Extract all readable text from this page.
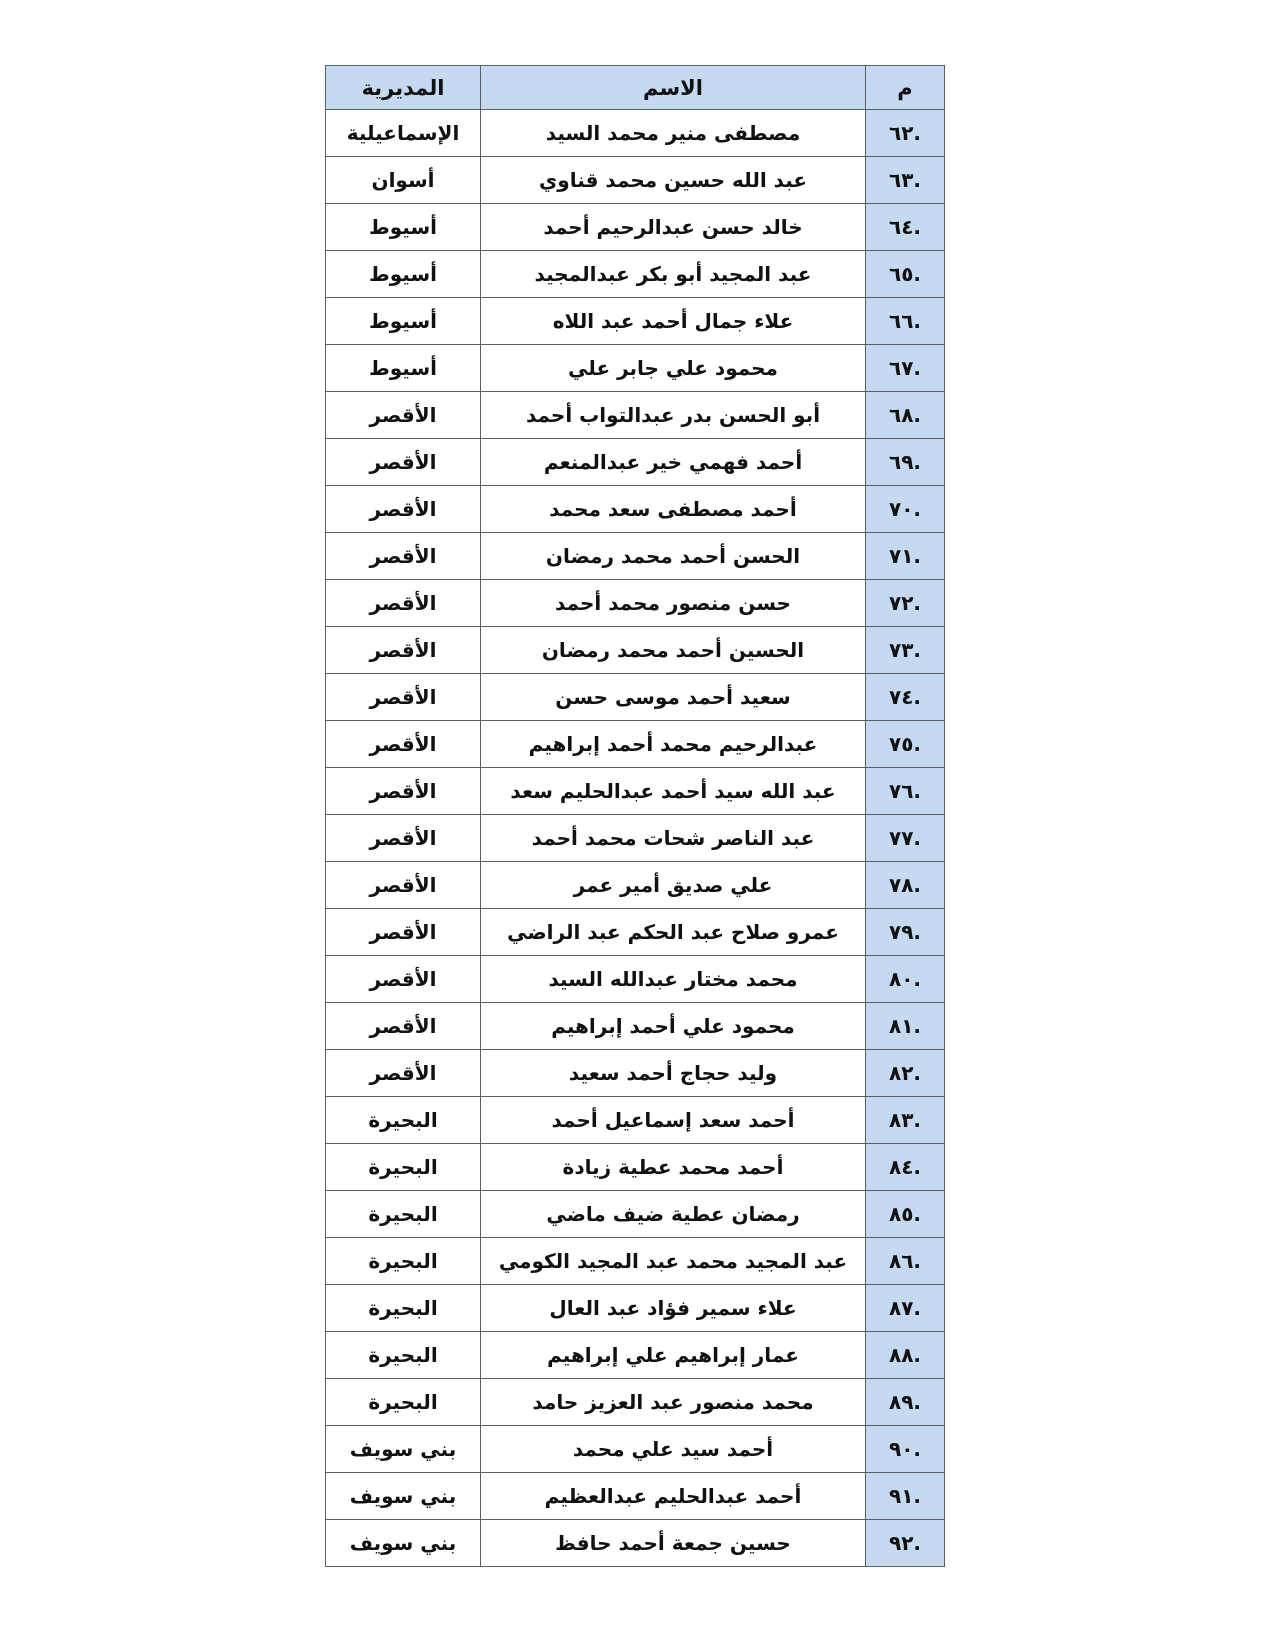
م	الاسم	المديرية
.٦٢	مصطفى منير محمد السيد	الإسماعيلية
.٦٣	عبد الله حسين محمد قناوي	أسوان
.٦٤	خالد حسن عبدالرحيم أحمد	أسيوط
.٦٥	عبد المجيد أبو بكر عبدالمجيد	أسيوط
.٦٦	علاء جمال أحمد عبد اللاه	أسيوط
.٦٧	محمود علي جابر علي	أسيوط
.٦٨	أبو الحسن بدر عبدالتواب أحمد	الأقصر
.٦٩	أحمد فهمي خير عبدالمنعم	الأقصر
.٧٠	أحمد مصطفى سعد محمد	الأقصر
.٧١	الحسن أحمد محمد رمضان	الأقصر
.٧٢	حسن منصور محمد أحمد	الأقصر
.٧٣	الحسين أحمد محمد رمضان	الأقصر
.٧٤	سعيد أحمد موسى حسن	الأقصر
.٧٥	عبدالرحيم محمد أحمد إبراهيم	الأقصر
.٧٦	عبد الله سيد أحمد عبدالحليم سعد	الأقصر
.٧٧	عبد الناصر شحات محمد أحمد	الأقصر
.٧٨	علي صديق أمير عمر	الأقصر
.٧٩	عمرو صلاح عبد الحكم عبد الراضي	الأقصر
.٨٠	محمد مختار عبدالله السيد	الأقصر
.٨١	محمود علي أحمد إبراهيم	الأقصر
.٨٢	وليد حجاج أحمد سعيد	الأقصر
.٨٣	أحمد سعد إسماعيل أحمد	البحيرة
.٨٤	أحمد محمد عطية زيادة	البحيرة
.٨٥	رمضان عطية ضيف ماضي	البحيرة
.٨٦	عبد المجيد محمد عبد المجيد الكومي	البحيرة
.٨٧	علاء سمير فؤاد عبد العال	البحيرة
.٨٨	عمار إبراهيم علي إبراهيم	البحيرة
.٨٩	محمد منصور عبد العزيز حامد	البحيرة
.٩٠	أحمد سيد علي محمد	بني سويف
.٩١	أحمد عبدالحليم عبدالعظيم	بني سويف
.٩٢	حسين جمعة أحمد حافظ	بني سويف
